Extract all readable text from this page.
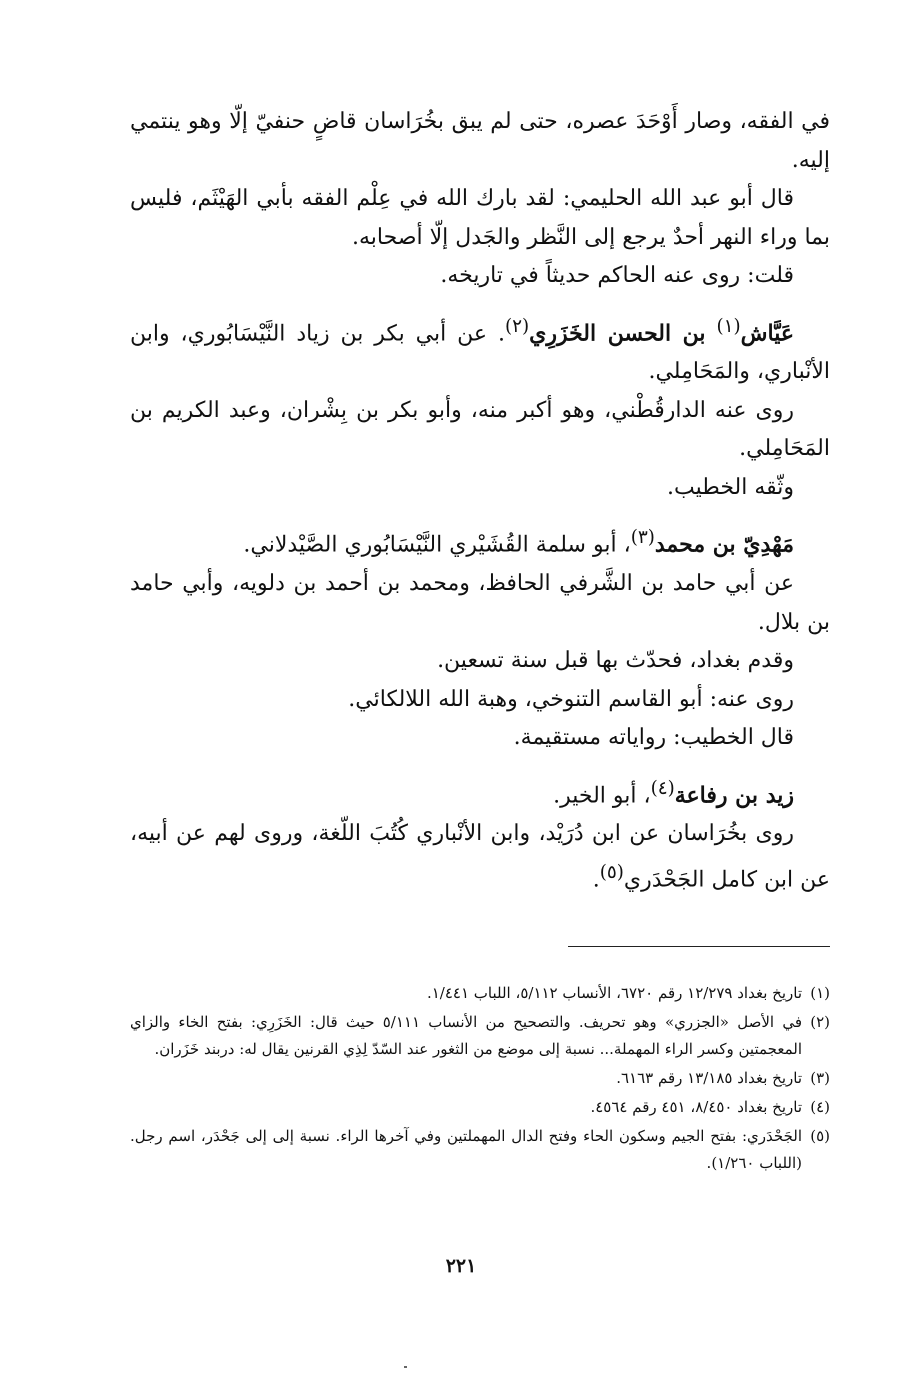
في الفقه، وصار أَوْحَدَ عصره، حتى لم يبق بخُرَاسان قاضٍ حنفيّ إلّا وهو ينتمي إليه.

قال أبو عبد الله الحليمي: لقد بارك الله في عِلْم الفقه بأبي الهَيْثَم، فليس بما وراء النهر أحدٌ يرجع إلى النَّظر والجَدل إلّا أصحابه.

قلت: روى عنه الحاكم حديثاً في تاريخه.

عَيَّاش$^{(١)}$ بن الحسن الخَزَرِي$^{(٢)}$. عن أبي بكر بن زياد النَّيْسَابُوري، وابن الأنْباري، والمَحَامِلي.

روى عنه الدارقُطْني، وهو أكبر منه، وأبو بكر بن بِشْران، وعبد الكريم بن المَحَامِلي.

وثّقه الخطيب.

مَهْدِيّ بن محمد$^{(٣)}$، أبو سلمة القُشَيْري النَّيْسَابُوري الصَّيْدلاني.

عن أبي حامد بن الشَّرفي الحافظ، ومحمد بن أحمد بن دلويه، وأبي حامد بن بلال.

وقدم بغداد، فحدّث بها قبل سنة تسعين.

روى عنه: أبو القاسم التنوخي، وهبة الله اللالكائي.

قال الخطيب: رواياته مستقيمة.

زيد بن رفاعة$^{(٤)}$، أبو الخير.

روى بخُرَاسان عن ابن دُرَيْد، وابن الأنْباري كُتُبَ اللّغة، وروى لهم عن أبيه، عن ابن كامل الجَحْدَري$^{(٥)}$.

(١)
تاريخ بغداد ١٢/٢٧٩ رقم ٦٧٢٠، الأنساب ٥/١١٢، اللباب ١/٤٤١.

(٢)
في الأصل «الجزري» وهو تحريف. والتصحيح من الأنساب ٥/١١١ حيث قال: الخَزَرِي: بفتح الخاء والزاي المعجمتين وكسر الراء المهملة... نسبة إلى موضع من الثغور عند السّدّ لِذِي القرنين يقال له: دربند خَزَران.

(٣)
تاريخ بغداد ١٣/١٨٥ رقم ٦١٦٣.

(٤)
تاريخ بغداد ٨/٤٥٠، ٤٥١ رقم ٤٥٦٤.

(٥)
الجَحْدَري: بفتح الجيم وسكون الحاء وفتح الدال المهملتين وفي آخرها الراء. نسبة إلى إلى جَحْدَر، اسم رجل. (اللباب ١/٢٦٠).

٢٢١
